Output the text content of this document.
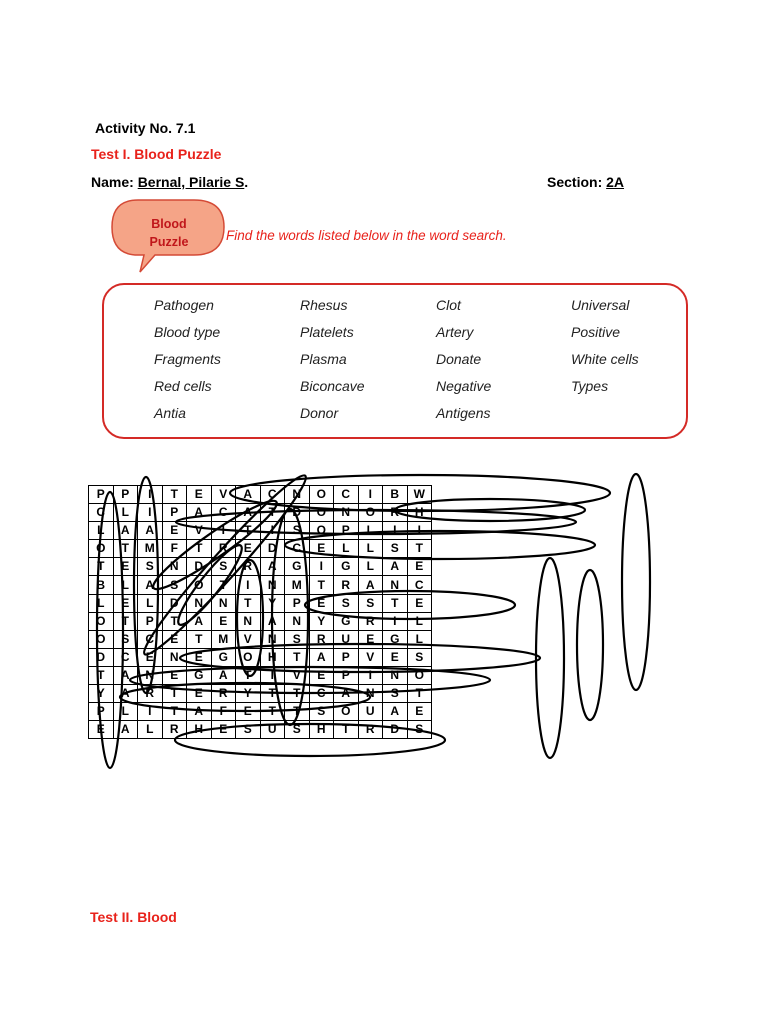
Activity No. 7.1
Test I. Blood Puzzle
Name: Bernal, Pilarie S.	Section: 2A
Blood
Puzzle	Find the words listed below in the word search.
Pathogen	Rhesus	Clot	Universal
Blood type	Platelets	Artery	Positive
Fragments	Plasma	Donate	White cells
Red cells	Biconcave	Negative	Types
Antia	Donor	Antigens
P	P	I	T	E	V	A	C	N	O	C	I	B	W
C	L	I	P	A	C	A	T	D	O	N	O	R	H
L	A	A	E	V	I	T	I	S	O	P	L	I	I
O	T	M	F	T	R	E	D	C	E	L	L	S	T
T	E	S	N	D	S	R	A	G	I	G	L	A	E
B	L	A	S	O	T	I	N	M	T	R	A	N	C
L	E	L	D	N	N	T	Y	P	E	S	S	T	E
O	T	P	T	A	E	N	A	N	Y	G	R	I	L
O	S	C	E	T	M	V	N	S	R	U	E	G	L
D	C	E	N	E	G	O	H	T	A	P	V	E	S
T	A	N	E	G	A	T	I	V	E	P	I	N	O
Y	A	R	T	E	R	Y	T	T	C	A	N	S	T
P	L	I	T	A	F	E	T	T	S	O	U	A	E
E	A	L	R	H	E	S	U	S	H	T	R	D	S
Test II. Blood
